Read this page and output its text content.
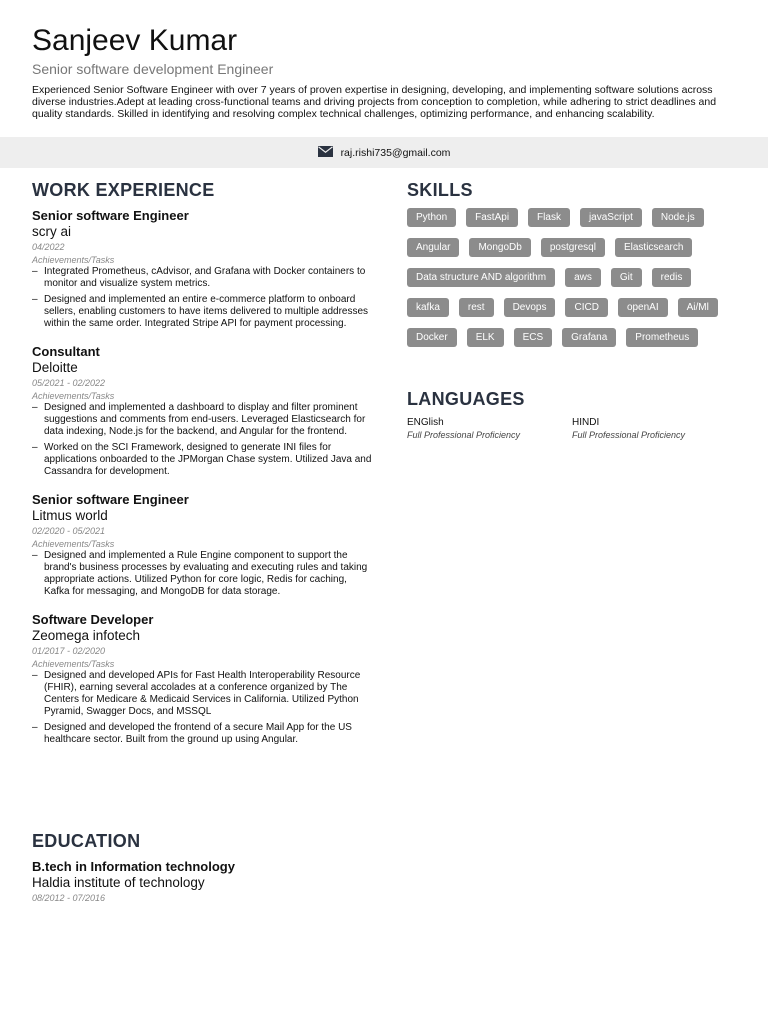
Sanjeev Kumar
Senior software development Engineer
Experienced Senior Software Engineer with over 7 years of proven expertise in designing, developing, and implementing software solutions across diverse industries.Adept at leading cross-functional teams and driving projects from conception to completion, while adhering to strict deadlines and quality standards. Skilled in identifying and resolving complex technical challenges, optimizing performance, and enhancing scalability.
raj.rishi735@gmail.com
WORK EXPERIENCE
Senior software Engineer
scry ai
04/2022
Achievements/Tasks
– Integrated Prometheus, cAdvisor, and Grafana with Docker containers to monitor and visualize system metrics.
– Designed and implemented an entire e-commerce platform to onboard sellers, enabling customers to have items delivered to multiple addresses within the same order. Integrated Stripe API for payment processing.
Consultant
Deloitte
05/2021 - 02/2022
Achievements/Tasks
– Designed and implemented a dashboard to display and filter prominent suggestions and comments from end-users. Leveraged Elasticsearch for data indexing, Node.js for the backend, and Angular for the frontend.
– Worked on the SCI Framework, designed to generate INI files for applications onboarded to the JPMorgan Chase system. Utilized Java and Cassandra for development.
Senior software Engineer
Litmus world
02/2020 - 05/2021
Achievements/Tasks
– Designed and implemented a Rule Engine component to support the brand's business processes by evaluating and executing rules and taking appropriate actions. Utilized Python for core logic, Redis for caching, Kafka for messaging, and MongoDB for data storage.
Software Developer
Zeomega infotech
01/2017 - 02/2020
Achievements/Tasks
– Designed and developed APIs for Fast Health Interoperability Resource (FHIR), earning several accolades at a conference organized by The Centers for Medicare & Medicaid Services in California. Utilized Python Pyramid, Swagger Docs, and MSSQL
– Designed and developed the frontend of a secure Mail App for the US healthcare sector. Built from the ground up using Angular.
SKILLS
Python	FastApi	Flask	javaScript	Node.js
Angular	MongoDb	postgresql	Elasticsearch
Data structure AND algorithm	aws	Git	redis
kafka	rest	Devops	CICD	openAI	Ai/Ml
Docker	ELK	ECS	Grafana	Prometheus
LANGUAGES
ENGlish
Full Professional Proficiency
HINDI
Full Professional Proficiency
EDUCATION
B.tech in Information technology
Haldia institute of technology
08/2012 - 07/2016
